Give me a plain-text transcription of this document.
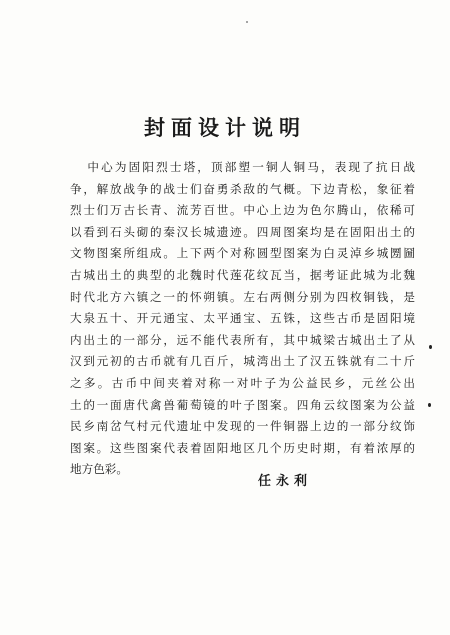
封面设计说明
中心为固阳烈士塔，顶部塑一铜人铜马，表现了抗日战
争，解放战争的战士们奋勇杀敌的气概。下边青松，象征着
烈士们万古长青、流芳百世。中心上边为色尔腾山，依稀可
以看到石头砌的秦汉长城遗迹。四周图案均是在固阳出土的
文物图案所组成。上下两个对称圆型图案为白灵淖乡城圐圙
古城出土的典型的北魏时代莲花纹瓦当，据考证此城为北魏
时代北方六镇之一的怀朔镇。左右两侧分别为四枚铜钱，是
大泉五十、开元通宝、太平通宝、五铢，这些古币是固阳境
内出土的一部分，远不能代表所有，其中城梁古城出土了从
汉到元初的古币就有几百斤，城湾出土了汉五铢就有二十斤
之多。古币中间夹着对称一对叶子为公益民乡，元丝公出
土的一面唐代禽兽葡萄镜的叶子图案。四角云纹图案为公益
民乡南岔气村元代遗址中发现的一件铜器上边的一部分纹饰
图案。这些图案代表着固阳地区几个历史时期，有着浓厚的
地方色彩。
任永利
